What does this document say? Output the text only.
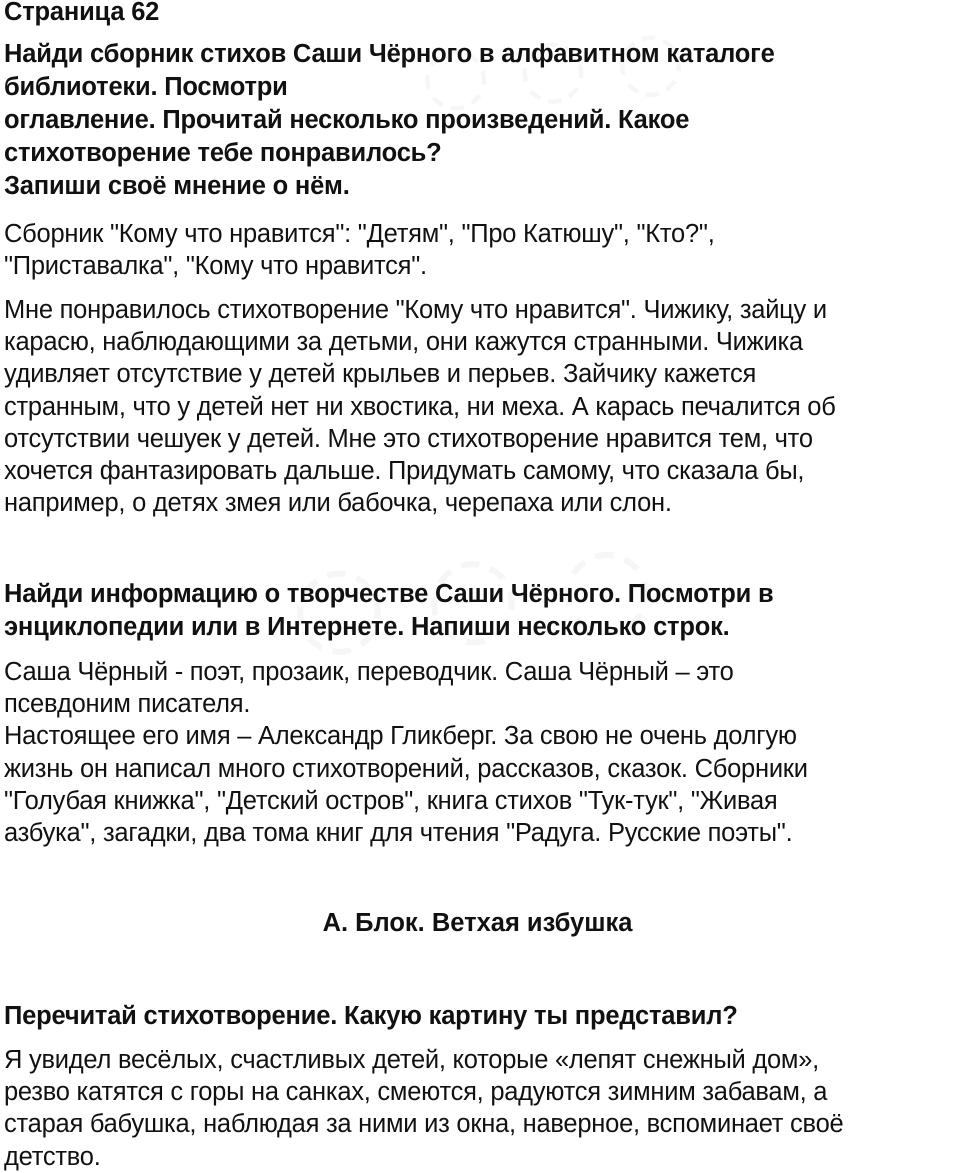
Страница 62
Найди сборник стихов Саши Чёрного в алфавитном каталоге
библиотеки. Посмотри
оглавление. Прочитай несколько произведений. Какое
стихотворение тебе понравилось?
Запиши своё мнение о нём.
Сборник "Кому что нравится": "Детям", "Про Катюшу", "Кто?",
"Приставалка", "Кому что нравится".
Мне понравилось стихотворение "Кому что нравится". Чижику, зайцу и
карасю, наблюдающими за детьми, они кажутся странными. Чижика
удивляет отсутствие у детей крыльев и перьев. Зайчику кажется
странным, что у детей нет ни хвостика, ни меха. А карась печалится об
отсутствии чешуек у детей. Мне это стихотворение нравится тем, что
хочется фантазировать дальше. Придумать самому, что сказала бы,
например, о детях змея или бабочка, черепаха или слон.
Найди информацию о творчестве Саши Чёрного. Посмотри в
энциклопедии или в Интернете. Напиши несколько строк.
Саша Чёрный - поэт, прозаик, переводчик. Саша Чёрный – это
псевдоним писателя.
Настоящее его имя – Александр Гликберг. За свою не очень долгую
жизнь он написал много стихотворений, рассказов, сказок. Сборники
"Голубая книжка", "Детский остров", книга стихов "Тук-тук", "Живая
азбука", загадки, два тома книг для чтения "Радуга. Русские поэты".
А. Блок. Ветхая избушка
Перечитай стихотворение. Какую картину ты представил?
Я увидел весёлых, счастливых детей, которые «лепят снежный дом»,
резво катятся с горы на санках, смеются, радуются зимним забавам, а
старая бабушка, наблюдая за ними из окна, наверное, вспоминает своё
детство.
